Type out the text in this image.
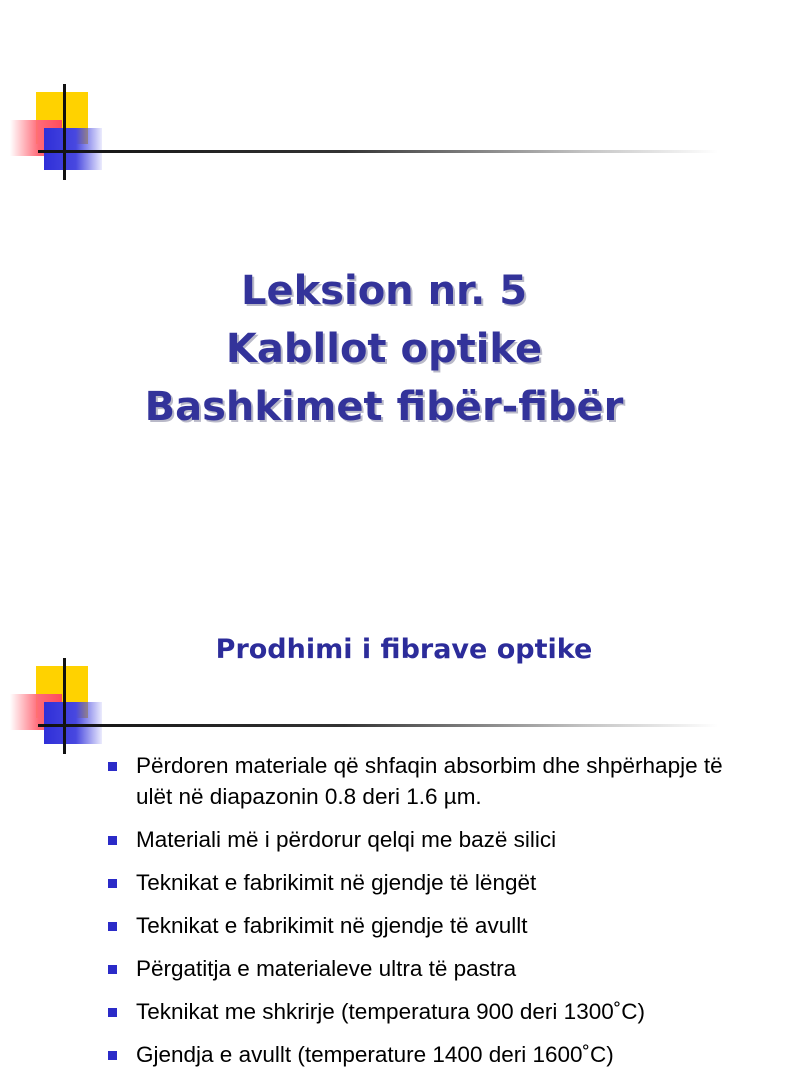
Leksion nr. 5
Kabllot optike
Bashkimet fibër-fibër
Prodhimi i fibrave optike
Përdoren materiale që shfaqin absorbim dhe shpërhapje të ulët në diapazonin 0.8 deri 1.6 µm.
Materiali më i përdorur qelqi me bazë silici
Teknikat e fabrikimit në gjendje të lëngët
Teknikat e fabrikimit në gjendje të avullt
Përgatitja e materialeve ultra të pastra
Teknikat me shkrirje (temperatura 900 deri 1300˚C)
Gjendja e avullt (temperature 1400 deri 1600˚C)
